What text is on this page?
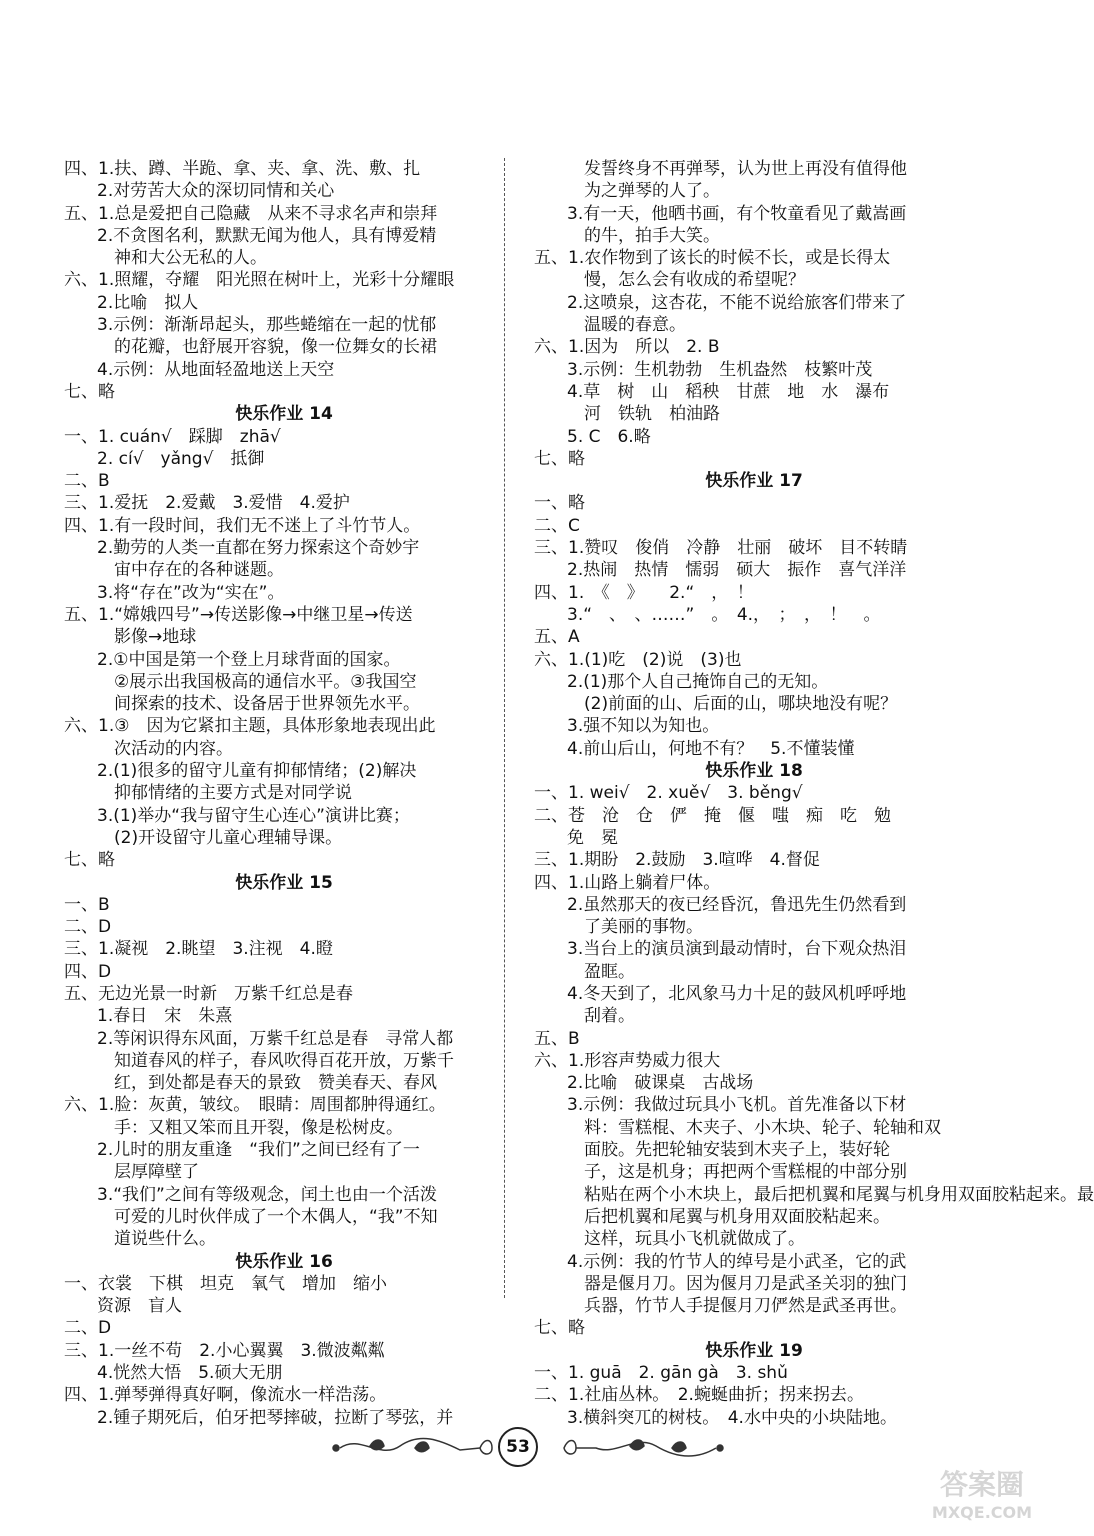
四、1.扶、蹲、半跪、拿、夹、拿、洗、敷、扎
2.对劳苦大众的深切同情和关心
五、1.总是爱把自己隐藏　从来不寻求名声和崇拜
2.不贪图名利，默默无闻为他人，具有博爱精
神和大公无私的人。
六、1.照耀，夺耀　阳光照在树叶上，光彩十分耀眼
2.比喻　拟人
3.示例：渐渐昂起头，那些蜷缩在一起的忧郁
的花瓣，也舒展开容貌，像一位舞女的长裙
4.示例：从地面轻盈地送上天空
七、略
快乐作业 14
一、1. cuán√　踩脚　zhā√
2. cí√　yǎng√　抵御
二、B
三、1.爱抚　2.爱戴　3.爱惜　4.爱护
四、1.有一段时间，我们无不迷上了斗竹节人。
2.勤劳的人类一直都在努力探索这个奇妙宇
宙中存在的各种谜题。
3.将“存在”改为“实在”。
五、1.“嫦娥四号”→传送影像→中继卫星→传送
影像→地球
2.①中国是第一个登上月球背面的国家。
②展示出我国极高的通信水平。③我国空
间探索的技术、设备居于世界领先水平。
六、1.③　因为它紧扣主题，具体形象地表现出此
次活动的内容。
2.(1)很多的留守儿童有抑郁情绪；(2)解决
抑郁情绪的主要方式是对同学说
3.(1)举办“我与留守生心连心”演讲比赛；
(2)开设留守儿童心理辅导课。
七、略
快乐作业 15
一、B
二、D
三、1.凝视　2.眺望　3.注视　4.瞪
四、D
五、无边光景一时新　万紫千红总是春
1.春日　宋　朱熹
2.等闲识得东风面，万紫千红总是春　寻常人都
知道春风的样子，春风吹得百花开放，万紫千
红，到处都是春天的景致　赞美春天、春风
六、1.脸：灰黄，皱纹。　眼睛：周围都肿得通红。
手：又粗又笨而且开裂，像是松树皮。
2.儿时的朋友重逢　“我们”之间已经有了一
层厚障壁了
3.“我们”之间有等级观念，闰土也由一个活泼
可爱的儿时伙伴成了一个木偶人，“我”不知
道说些什么。
快乐作业 16
一、衣裳　下棋　坦克　氧气　增加　缩小
资源　盲人
二、D
三、1.一丝不苟　2.小心翼翼　3.微波粼粼
4.恍然大悟　5.硕大无朋
四、1.弹琴弹得真好啊，像流水一样浩荡。
2.锺子期死后，伯牙把琴摔破，拉断了琴弦，并
发誓终身不再弹琴，认为世上再没有值得他
为之弹琴的人了。
3.有一天，他晒书画，有个牧童看见了戴嵩画
的牛，拍手大笑。
五、1.农作物到了该长的时候不长，或是长得太
慢，怎么会有收成的希望呢？
2.这喷泉，这杏花，不能不说给旅客们带来了
温暖的春意。
六、1.因为　所以　2. B
3.示例：生机勃勃　生机盎然　枝繁叶茂
4.草　树　山　稻秧　甘蔗　地　水　瀑布
河　铁轨　柏油路
5. C　6.略
七、略
快乐作业 17
一、略
二、C
三、1.赞叹　俊俏　冷静　壮丽　破坏　目不转睛
2.热闹　热情　懦弱　硕大　振作　喜气洋洋
四、1.　《　》　　2.“　，　！
3.“　、　、……”　。　4.，　；　，　！　。
五、A
六、1.(1)吃　(2)说　(3)也
2.(1)那个人自己掩饰自己的无知。
(2)前面的山、后面的山，哪块地没有呢？
3.强不知以为知也。
4.前山后山，何地不有？　5.不懂装懂
快乐作业 18
一、1. wei√　2. xuě√　3. běng√
二、苍　沧　仓　俨　掩　偃　嗤　痴　吃　勉
免　冕
三、1.期盼　2.鼓励　3.喧哗　4.督促
四、1.山路上躺着尸体。
2.虽然那天的夜已经昏沉，鲁迅先生仍然看到
了美丽的事物。
3.当台上的演员演到最动情时，台下观众热泪
盈眶。
4.冬天到了，北风象马力十足的鼓风机呼呼地
刮着。
五、B
六、1.形容声势威力很大
2.比喻　破课桌　古战场
3.示例：我做过玩具小飞机。首先准备以下材
料：雪糕棍、木夹子、小木块、轮子、轮轴和双
面胶。先把轮轴安装到木夹子上，装好轮
子，这是机身；再把两个雪糕棍的中部分别
粘贴在两个小木块上，最后把机翼和尾翼与机身用双面胶粘起来。最
后把机翼和尾翼与机身用双面胶粘起来。
这样，玩具小飞机就做成了。
4.示例：我的竹节人的绰号是小武圣，它的武
器是偃月刀。因为偃月刀是武圣关羽的独门
兵器，竹节人手提偃月刀俨然是武圣再世。
七、略
快乐作业 19
一、1. guā　2. gān gà　3. shǔ
二、1.社庙丛林。　2.蜿蜒曲折；拐来拐去。
3.横斜突兀的树枝。　4.水中央的小块陆地。
53
答案圈
MXQE.COM
